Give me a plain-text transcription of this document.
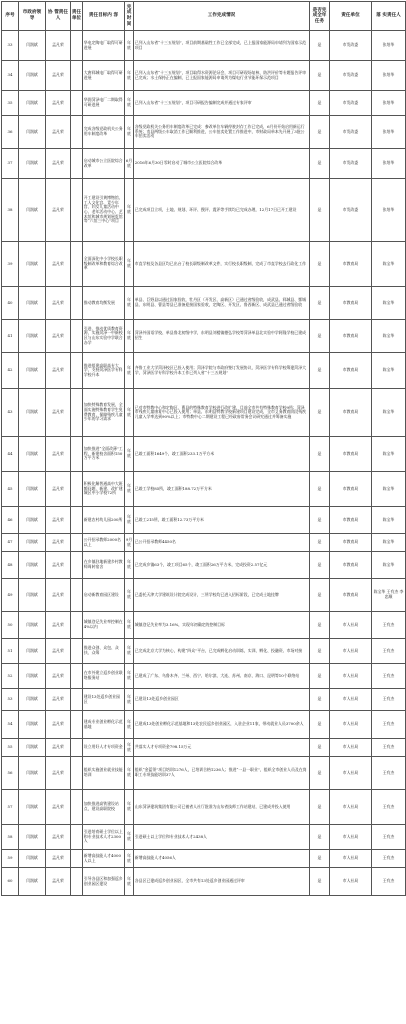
序号	市政府领 导	协 管责任人	责任单位	责任目标内 容	完成时间	工作完成情况	是否完成全年任务	责任单位	落 实责任人
33	闫润斌	孟凡荣		华电定陶电厂取得可研进展	年底	已列入山东省“十三五规划”，项目前期基础性工作已全部完成，已上报国家能源局申请列为国家示范项目	是	市发改委	张培华
34	闫润斌	孟凡荣		大唐郓城电厂取得可研进展	年底	已列入山东省“十三五规划”，项目取得水资源论证会，项目可研现场复核、防洪评价等专题报告评审已完成；水土保持正在编制，已上报国家能源局申请列为煤电行业节能环保示范项目	是	市发改委	张培华
35	闫润斌	孟凡荣		华润菏泽电厂二期取得可研进展	年底	已列入山东省“十三五规划”，项目可研报告编制完成并通过专家评审	是	市发改委	张培华
36	闫润斌	孟凡荣		完成各级党政机关公务用车制度改革	年底	各级党政机关公务用车制度改革已完成：参改单位车辆停驶封存工作已完成，6月份开始启用新运行系统；市县两级公车取消工作已顺利推进，公车拍卖处置工作推进中，市财政局单本先开展了3批公车拍卖活动	是	市发改委	张培华
37	闫润斌	孟凡荣		启动城市公立医院综合改革	6月底	2016年6月30日零时启动了城市公立医院综合改革	是	市发改委	张培华
38	闫润斌	孟凡荣		开工建设引黄博物馆、工人文化宫、青少年宫、妇女儿童活动中心、老年活动中心、艺术馆和城市规划展览馆等“六馆三中心”项目	年底	已完成项目立项，土地、规划、环评、搜评、震评等手续均已完成办理，12月17日已开工建设	是	市发改委	张培华
39	闫润斌	孟凡荣		全面深化中小学校长职级制改革和教育综合改革	年底	市直学校及各县区均已出台了校长职级制改革文件，实行校长职级制，完成了市直学校去行政化工作	是	市教育局	陈宝华
40	闫润斌	孟凡荣		推动教育均衡发展	年底	单县、巨野县以通过国家验收，牡丹区（开发区、高新区）已通过省级验收，成武县、郓城县、鄄城县、东明县、曹县等县已准备迎接国家验收，定陶区、开发区、鲁西新区、成武县已通过省级验收	是	市教育局	陈宝华
41	闫润斌	孟凡荣		引进、推动优质教育资源，实施菏泽一中新校区与山东实验中学联合办学	年底	菏泽外国语学校、单县鲁北初级中学，东明县刘楼镇德弘学校等菏泽单县北实验中学阿隆学校已建成招生	是	市教育局	陈宝华
42	闫润斌	孟凡荣		推进组建高职高专大学，支持菏泽医学专科学校升本	年底	齐鲁工业大学菏泽校区已投入使用；菏泽学院与市政府签订发展协议，菏泽医学专科学校筹建菏泽大学，菏泽医学专科学校升本工作已列入省“十三五规划”	是	市教育局	陈宝华
43	闫润斌	孟凡荣		加快特殊教育发展，全面实施特殊教育学生免费教育，保障残疾儿童少年的学习需求	年底	已对市特教中心和定陶区、曹县的特殊教育学校进行改扩建，目前全市共有特殊教育学校9所；菏泽市残疾儿童康复中心已投入使用；单县、东明县特教学校新建项目建设完成，全市义务教育阶段残疾儿童入学率达到90%以上；市特教中心二期建设工程已经政府常务会议研究通过并筹备实施	是	市教育局	陈宝华
44	闫润斌	孟凡荣		加快推进“全面改薄”工程，新建校舍面积150万平方米	年底	已竣工面积1649个，竣工面积233.1万平方米	是	市教育局	陈宝华
45	闫润斌	孟凡荣		积极化解普通高中大班额问题，新建、改扩建城区中小学校72所	年底	已竣工学校85所，竣工面积188.72万平方米	是	市教育局	陈宝华
46	闫润斌	孟凡荣		新建农村幼儿园200所	年底	已竣工215所，竣工面积12.73万平方米	是	市教育局	陈宝华
47	闫润斌	孟凡荣		公开招录教师2000名以上	9月底	已公开招录教师4450名	是	市教育局	陈宝华
48	闫润斌	孟凡荣		在乡镇驻地新建乡村教师周转宿舍	年底	已完成乡镇63个，竣工项目65个，竣工面积26万平方米，完成投资2.57亿元	是	市教育局	陈宝华
49	闫润斌	孟凡荣		启动新教育园区建设	年底	已委托天津大学建筑设计院完成设计，三所学校均已进入招标阶段，已完成土地挂牌	是	市教育局	陈宝华 王有杰 李忠顺
50	闫润斌	孟凡荣		城镇登记失业率控制在4%以内	年底	城镇登记失业率为3.16%，实现年初确定的控制目标	是	市人社局	王有杰
51	闫润斌	孟凡荣		推进众创、众包、众扶、众筹	年底	已完成北京大学为核心，构建“四众”平台，已完成孵化启动训练，实训、孵化、投融资、市场对接	是	市人社局	王有杰
52	闫润斌	孟凡荣		在市外建立返乡创业联络服务站	年底	已建成了广东、乌鲁木齐、兰州、西宁、哈尔滨、大连、苏州、南京、海口、昆明等10个联络站	是	市人社局	王有杰
53	闫润斌	孟凡荣		建设13处返乡创业园区	年底	已建设13处返乡创业园区	是	市人社局	王有杰
54	闫润斌	孟凡荣		建成专业创业孵化示范基地	年底	已建成13处创业孵化示范基地和13处农民返乡创业园区，入驻企业11家，带动就业人员3700余人	是	市人社局	王有杰
55	闫润斌	孟凡荣		设立用好人才专项资金	年底	共落实人才专项资金798.15万元	是	市人社局	王有杰
56	闫润斌	孟凡荣		组织实施创业就业技能培训	年底	组织“金蓝领”项目培训1276人，已培训合格1236人；推进“一县一职业”，组织全市创业人员及在岗职工专项技能培训37人	是	市人社局	王有杰
57	闫润斌	孟凡荣		加快推进高铁建设站点，建设高职院校	年底	山东菏泽建筑集团有限公司已被省人社厅批准为山东省技师工作站建站，已建成并投入使用	是	市人社局	王有杰
58	闫润斌	孟凡荣		引进培育硕士学位以上和专业技术人才2300人	年底	引进硕士以上学位和专业技术人才2438人	是	市人社局	王有杰
59	闫润斌	孟凡荣		新增高技能人才4000人以上	年底	新增高技能人才4056人	是	市人社局	王有杰
60	闫润斌	孟凡荣		引导各县区和加强返乡创业园区建设	年底	各县区已建成返乡创业园区，全市共有13处返乡创业园通过评审	是	市人社局	王有杰
